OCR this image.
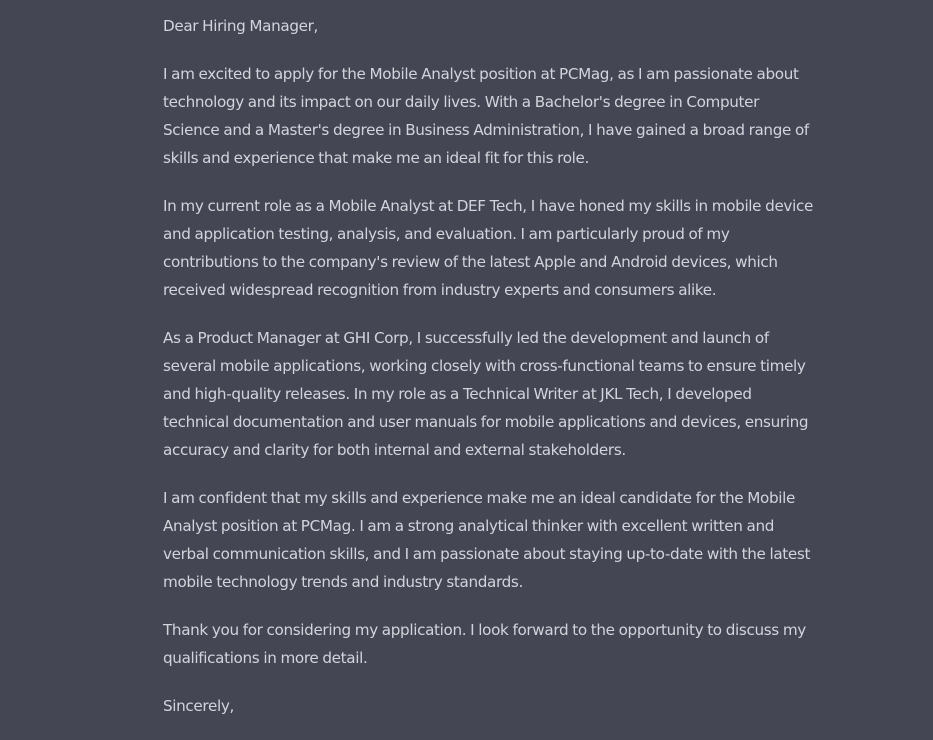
Dear Hiring Manager,

I am excited to apply for the Mobile Analyst position at PCMag, as I am passionate about technology and its impact on our daily lives. With a Bachelor's degree in Computer Science and a Master's degree in Business Administration, I have gained a broad range of skills and experience that make me an ideal fit for this role.

In my current role as a Mobile Analyst at DEF Tech, I have honed my skills in mobile device and application testing, analysis, and evaluation. I am particularly proud of my contributions to the company's review of the latest Apple and Android devices, which received widespread recognition from industry experts and consumers alike.

As a Product Manager at GHI Corp, I successfully led the development and launch of several mobile applications, working closely with cross-functional teams to ensure timely and high-quality releases. In my role as a Technical Writer at JKL Tech, I developed technical documentation and user manuals for mobile applications and devices, ensuring accuracy and clarity for both internal and external stakeholders.

I am confident that my skills and experience make me an ideal candidate for the Mobile Analyst position at PCMag. I am a strong analytical thinker with excellent written and verbal communication skills, and I am passionate about staying up-to-date with the latest mobile technology trends and industry standards.

Thank you for considering my application. I look forward to the opportunity to discuss my qualifications in more detail.

Sincerely,
